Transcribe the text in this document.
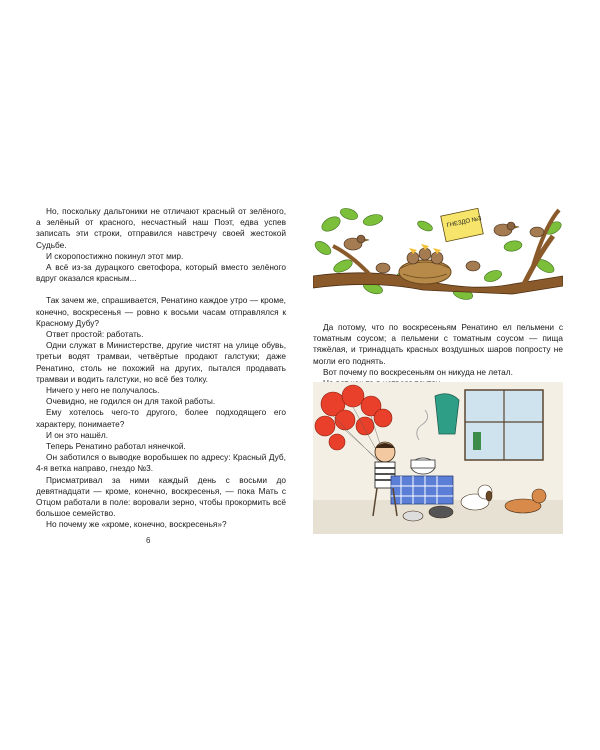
Но, поскольку дальтоники не отличают красный от зелёного, а зелёный от красного, несчастный наш Поэт, едва успев записать эти строки, отправился навстречу своей жестокой Судьбе.

И скоропостижно покинул этот мир.

А всё из-за дурацкого светофора, который вместо зелёного вдруг оказался красным...

Так зачем же, спрашивается, Ренатино каждое утро — кроме, конечно, воскресенья — ровно к восьми часам отправлялся к Красному Дубу?

Ответ простой: работать.

Одни служат в Министерстве, другие чистят на улице обувь, третьи водят трамваи, четвёртые продают галстуки; даже Ренатино, столь не похожий на других, пытался продавать трамваи и водить галстуки, но всё без толку.

Ничего у него не получалось.

Очевидно, не годился он для такой работы.

Ему хотелось чего-то другого, более подходящего его характеру, понимаете?

И он это нашёл.

Теперь Ренатино работал нянечкой.

Он заботился о выводке воробышек по адресу: Красный Дуб, 4-я ветка направо, гнездо №3.

Присматривал за ними каждый день с восьми до девятнадцати — кроме, конечно, воскресенья, — пока Мать с Отцом работали в поле: воровали зерно, чтобы прокормить всё большое семейство.

Но почему же «кроме, конечно, воскресенья»?

6
ГНЕЗДО №3

Да потому, что по воскресеньям Ренатино ел пельмени с томатным соусом; а пельмени с томатным соусом — пища тяжёлая, и тринадцать красных воздушных шаров попросту не могли его поднять.

Вот почему по воскресеньям он никуда не летал.
